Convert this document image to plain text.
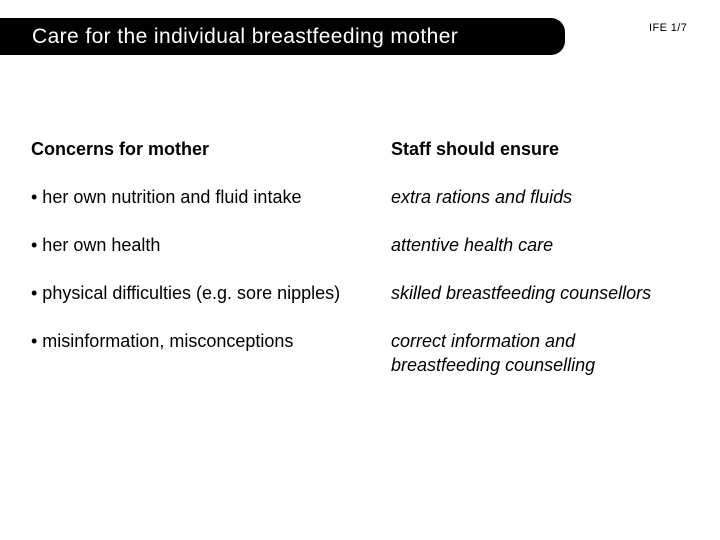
Care for the individual breastfeeding mother	IFE 1/7
Concerns for mother	Staff should ensure
• her own nutrition and fluid intake	extra rations and fluids
• her own health	attentive health care
• physical difficulties (e.g. sore nipples)	skilled breastfeeding counsellors
• misinformation, misconceptions	correct information and
breastfeeding counselling
